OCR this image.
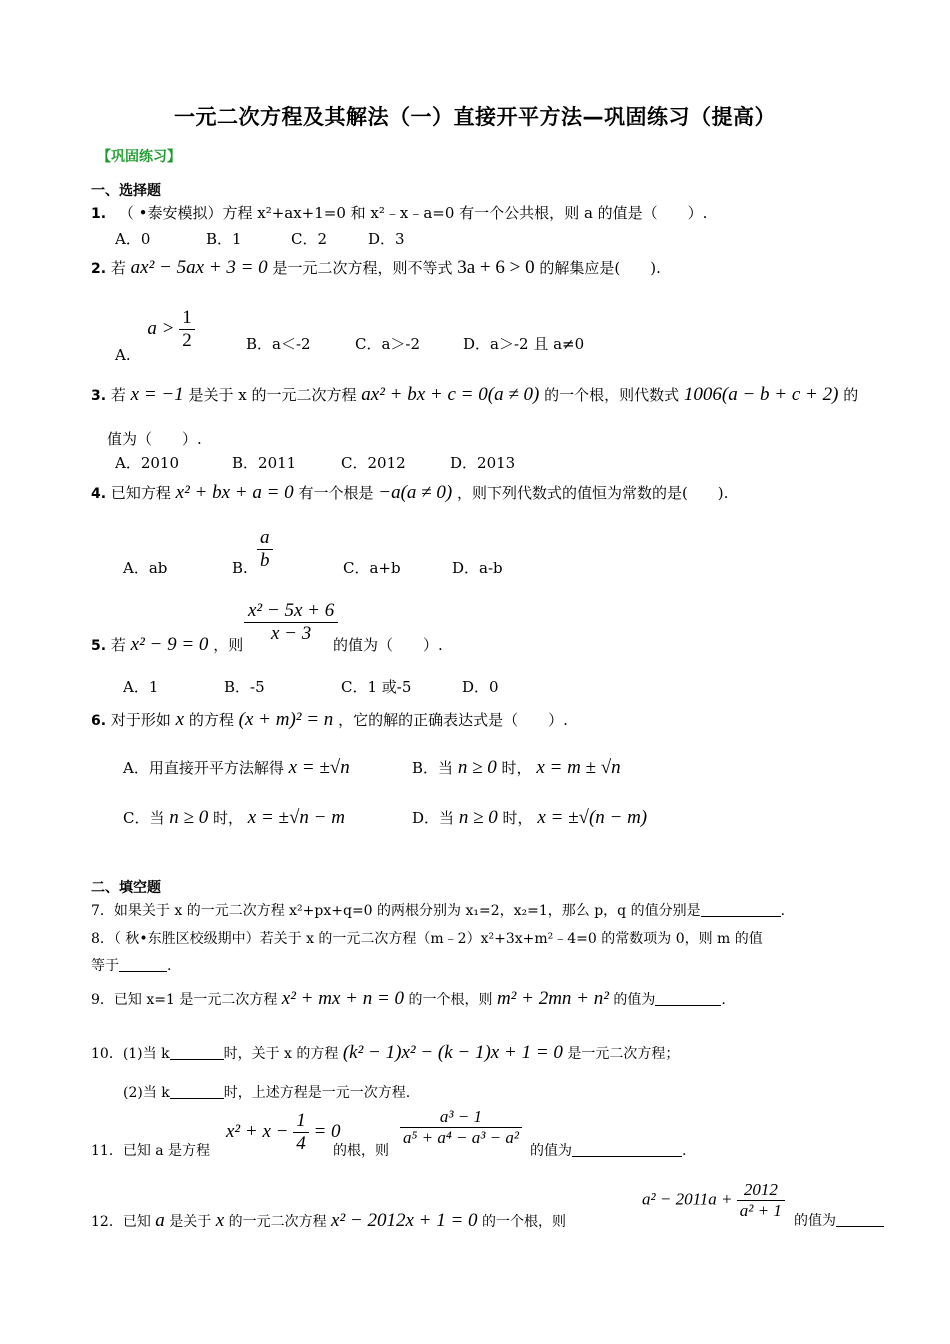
一元二次方程及其解法（一）直接开平方法—巩固练习（提高）
【巩固练习】
一、选择题
1. （ •泰安模拟）方程 x²+ax+1=0 和 x²﹣x﹣a=0 有一个公共根，则 a 的值是（　　）.
A．0	B．1	C．2	D．3
2. 若 ax² − 5ax + 3 = 0 是一元二次方程，则不等式 3a + 6 > 0 的解集应是(　　).
A. $a > \frac{1}{2}$	B．a＜-2	C．a＞-2	D．a＞-2 且 a≠0
3. 若 x = −1 是关于 x 的一元二次方程 ax² + bx + c = 0(a ≠ 0) 的一个根，则代数式 1006(a − b + c + 2) 的
值为（　　）.
A．2010	B．2011	C．2012	D．2013
4. 已知方程 x² + bx + a = 0 有一个根是 −a(a ≠ 0) ，则下列代数式的值恒为常数的是(　　).
A．ab	B. $\frac{a}{b}$	C．a+b	D．a-b
5. 若 x² − 9 = 0 ，则 $\frac{\text{x² − 5x + 6}}{x - 3}$
的值为（　　）.
A．1	B．-5	C．1 或-5	D．0
6. 对于形如 x 的方程 (x + m)² = n ，它的解的正确表达式是（　　）.
A．用直接开平方法解得 x = ±√n	B．当 n ≥ 0 时， x = m ± √n
C．当 n ≥ 0 时， x = ±√n − m	D．当 n ≥ 0 时， x = ±√(n − m)
二、填空题
7．如果关于 x 的一元二次方程 x²+px+q=0 的两根分别为 x₁=2，x₂=1，那么 p，q 的值分别是	.
8．（ 秋•东胜区校级期中）若关于 x 的一元二次方程（m﹣2）x²+3x+m²﹣4=0 的常数项为 0，则 m 的值
等于	.
9．已知 x=1 是一元二次方程 x² + mx + n = 0 的一个根，则 m² + 2mn + n² 的值为	.
10．(1)当 k	时，关于 x 的方程 (k² − 1)x² − (k − 1)x + 1 = 0 是一元二次方程；
(2)当 k	时，上述方程是一元一次方程.
11．已知 a 是方程
$x^2 + x - \frac{1}{4} = 0$
的根，则
$\frac{\text{a³ − 1}}{\text{a⁵ + a⁴ − a³ − a²}}$
的值为	.
12．已知 a 是关于 x 的一元二次方程 x² − 2012x + 1 = 0 的一个根，则
$a^2 - 2011a + \frac{2012}{\text{a² + 1}}$ 的值为
